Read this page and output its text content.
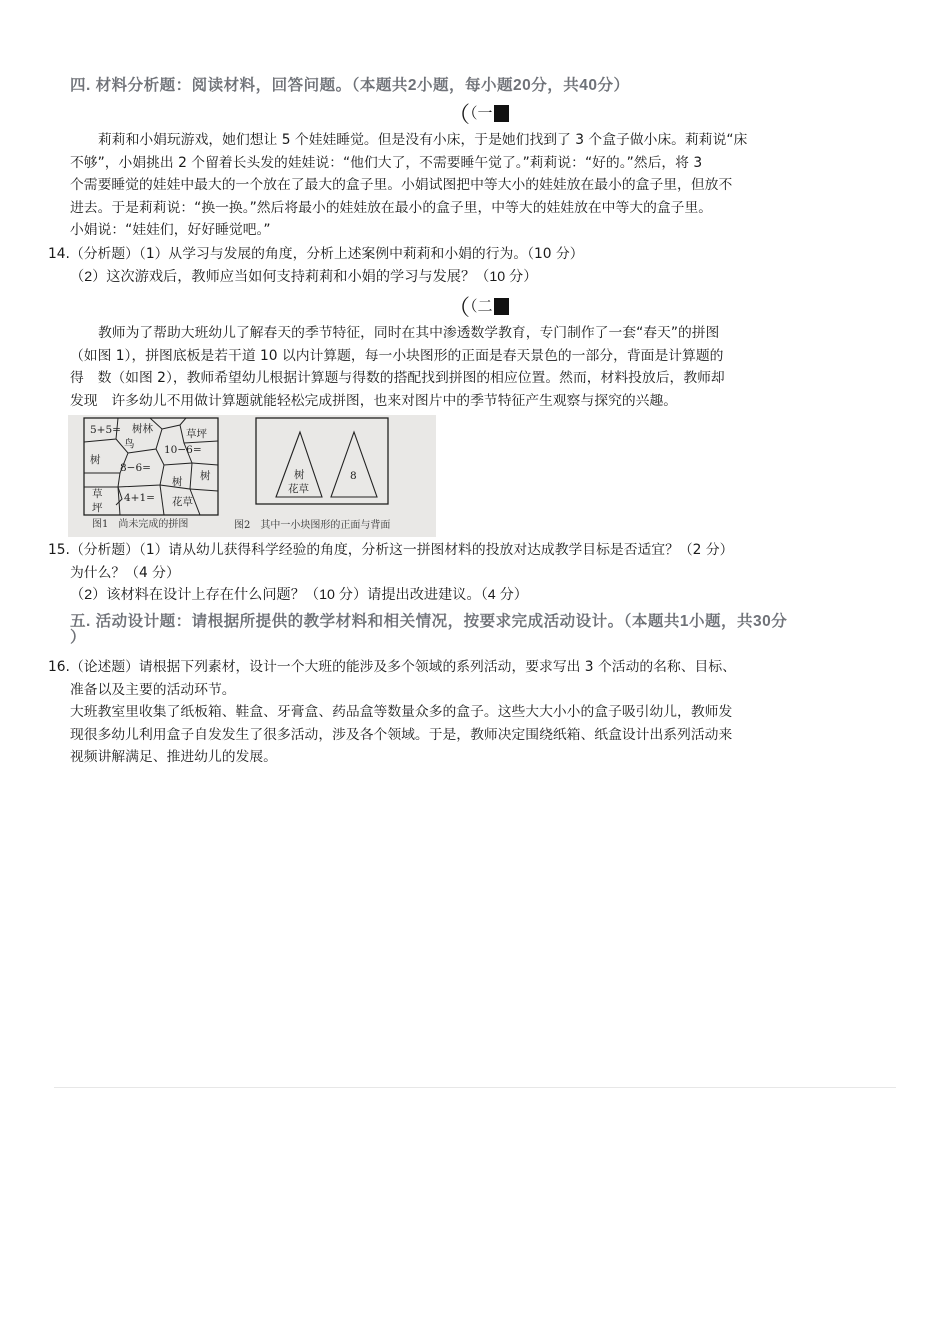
四. 材料分析题：阅读材料，回答问题。（本题共2小题，每小题20分，共40分）
（（一
莉莉和小娟玩游戏，她们想让 5 个娃娃睡觉。但是没有小床，于是她们找到了 3 个盒子做小床。莉莉说“床
不够”，小娟挑出 2 个留着长头发的娃娃说：“他们大了，不需要睡午觉了。”莉莉说：“好的。”然后，将 3
个需要睡觉的娃娃中最大的一个放在了最大的盒子里。小娟试图把中等大小的娃娃放在最小的盒子里，但放不
进去。于是莉莉说：“换一换。”然后将最小的娃娃放在最小的盒子里，中等大的娃娃放在中等大的盒子里。
小娟说：“娃娃们，好好睡觉吧。”
14.（分析题）（1）从学习与发展的角度，分析上述案例中莉莉和小娟的行为。（10 分）
（2）这次游戏后，教师应当如何支持莉莉和小娟的学习与发展？（10 分）
（（二
教师为了帮助大班幼儿了解春天的季节特征，同时在其中渗透数学教育，专门制作了一套“春天”的拼图
（如图 1），拼图底板是若干道 10 以内计算题，每一小块图形的正面是春天景色的一部分，背面是计算题的
得　数（如图 2），教师希望幼儿根据计算题与得数的搭配找到拼图的相应位置。然而，材料投放后，教师却
发现　许多幼儿不用做计算题就能轻松完成拼图，也来对图片中的季节特征产生观察与探究的兴趣。
5+5= 树林
鸟
草坪
10−6=
树
8−6=
树
草
坪
4+1=
树
花草
图1　尚未完成的拼图
树
花草
8
图2　其中一小块图形的正面与背面
15.（分析题）（1）请从幼儿获得科学经验的角度，分析这一拼图材料的投放对达成教学目标是否适宜？（2 分）
为什么？（4 分）
（2）该材料在设计上存在什么问题？（10 分）请提出改进建议。（4 分）
五. 活动设计题：请根据所提供的教学材料和相关情况，按要求完成活动设计。（本题共1小题，共30分
）
16.（论述题）请根据下列素材，设计一个大班的能涉及多个领域的系列活动，要求写出 3 个活动的名称、目标、
准备以及主要的活动环节。
大班教室里收集了纸板箱、鞋盒、牙膏盒、药品盒等数量众多的盒子。这些大大小小的盒子吸引幼儿，教师发
现很多幼儿利用盒子自发发生了很多活动，涉及各个领域。于是，教师决定围绕纸箱、纸盒设计出系列活动来
视频讲解满足、推进幼儿的发展。
